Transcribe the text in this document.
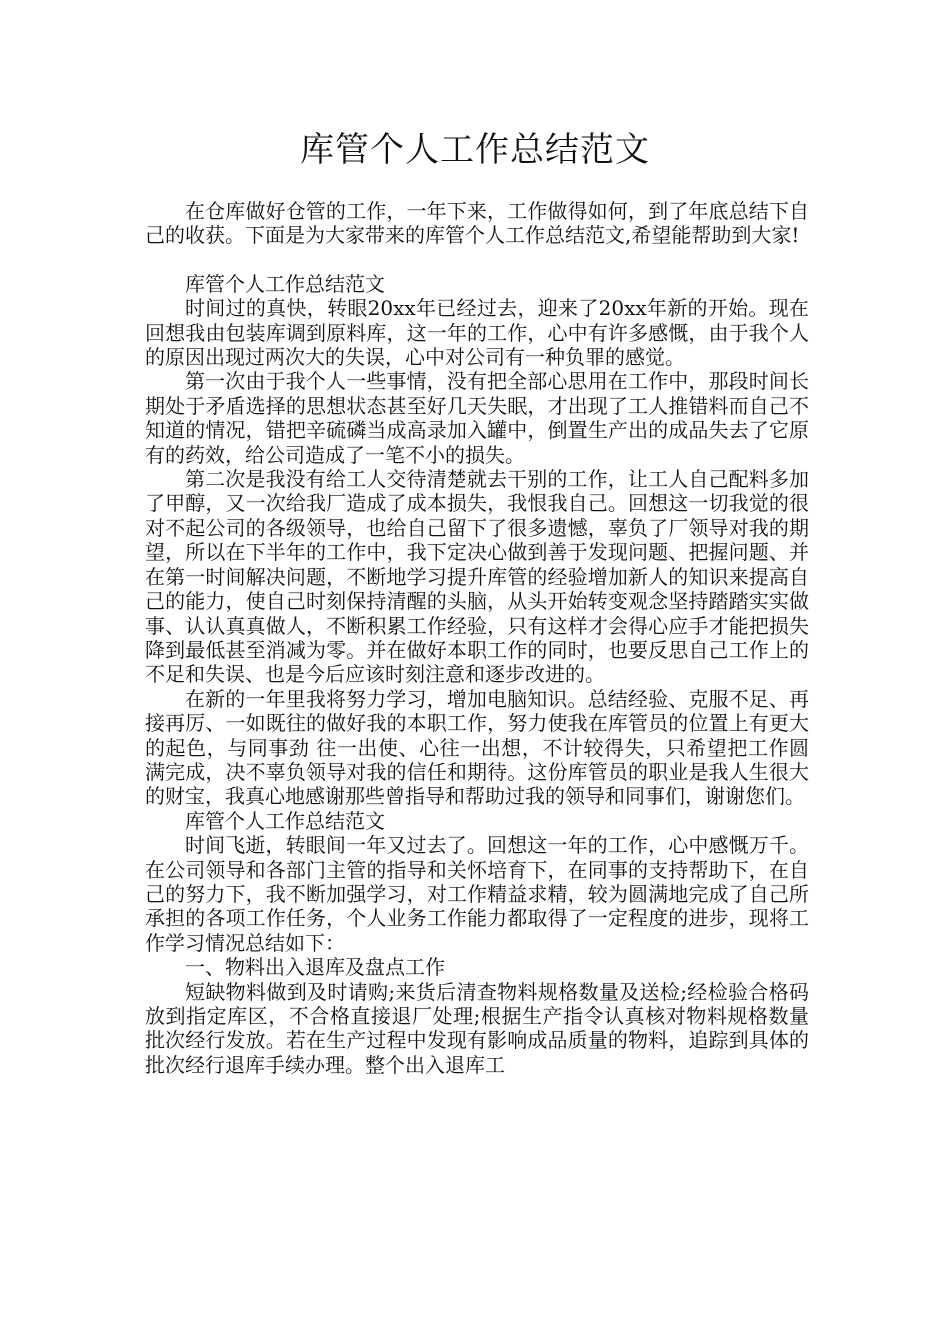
库管个人工作总结范文

在仓库做好仓管的工作，一年下来，工作做得如何，到了年底总结下自己的收获。下面是为大家带来的库管个人工作总结范文,希望能帮助到大家!

库管个人工作总结范文

时间过的真快，转眼20xx年已经过去，迎来了20xx年新的开始。现在回想我由包装库调到原料库，这一年的工作，心中有许多感慨，由于我个人的原因出现过两次大的失误，心中对公司有一种负罪的感觉。

第一次由于我个人一些事情，没有把全部心思用在工作中，那段时间长期处于矛盾选择的思想状态甚至好几天失眠，才出现了工人推错料而自己不知道的情况，错把辛硫磷当成高录加入罐中，倒置生产出的成品失去了它原有的药效，给公司造成了一笔不小的损失。

第二次是我没有给工人交待清楚就去干别的工作，让工人自己配料多加了甲醇，又一次给我厂造成了成本损失，我恨我自己。回想这一切我觉的很对不起公司的各级领导，也给自己留下了很多遗憾，辜负了厂领导对我的期望，所以在下半年的工作中，我下定决心做到善于发现问题、把握问题、并在第一时间解决问题，不断地学习提升库管的经验增加新人的知识来提高自己的能力，使自己时刻保持清醒的头脑，从头开始转变观念坚持踏踏实实做事、认认真真做人，不断积累工作经验，只有这样才会得心应手才能把损失降到最低甚至消减为零。并在做好本职工作的同时，也要反思自己工作上的不足和失误、也是今后应该时刻注意和逐步改进的。

在新的一年里我将努力学习，增加电脑知识。总结经验、克服不足、再接再厉、一如既往的做好我的本职工作，努力使我在库管员的位置上有更大的起色，与同事劲 往一出使、心往一出想，不计较得失，只希望把工作圆满完成，决不辜负领导对我的信任和期待。这份库管员的职业是我人生很大的财宝，我真心地感谢那些曾指导和帮助过我的领导和同事们，谢谢您们。

库管个人工作总结范文

时间飞逝，转眼间一年又过去了。回想这一年的工作，心中感慨万千。在公司领导和各部门主管的指导和关怀培育下，在同事的支持帮助下，在自己的努力下，我不断加强学习，对工作精益求精，较为圆满地完成了自己所承担的各项工作任务，个人业务工作能力都取得了一定程度的进步，现将工作学习情况总结如下：

一、物料出入退库及盘点工作

短缺物料做到及时请购;来货后清查物料规格数量及送检;经检验合格码放到指定库区，不合格直接退厂处理;根据生产指令认真核对物料规格数量批次经行发放。若在生产过程中发现有影响成品质量的物料，追踪到具体的批次经行退库手续办理。整个出入退库工
